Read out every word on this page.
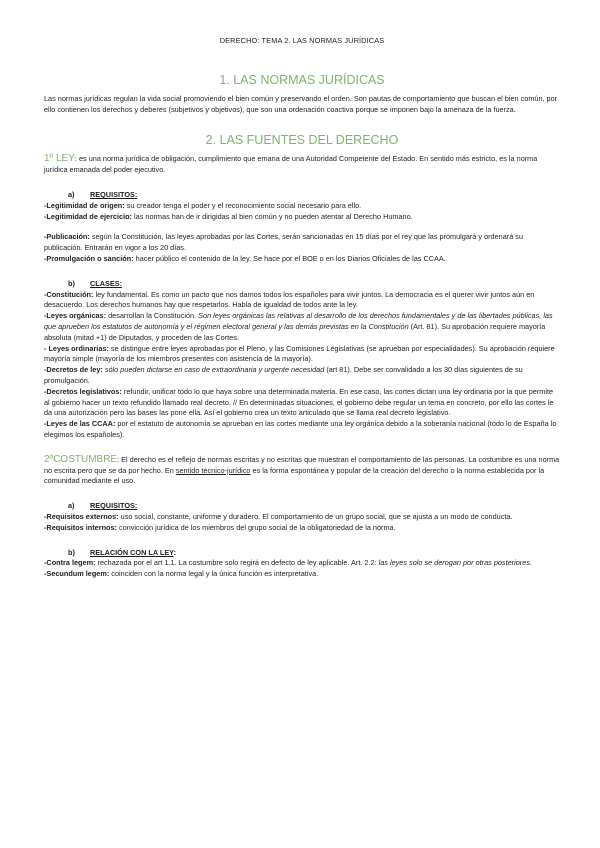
DERECHO: TEMA 2. LAS NORMAS JURÍDICAS
1. LAS NORMAS JURÍDICAS

Las normas jurídicas regulan la vida social promoviendo el bien común y preservando el orden. Son pautas de comportamiento que buscan el bien común, por ello contienen los derechos y deberes (subjetivos y objetivos), que son una ordenación coactiva porque se imponen bajo la amenaza de la fuerza.

2. LAS FUENTES DEL DERECHO

1º LEY: es una norma jurídica de obligación, cumplimiento que emana de una Autoridad Competente del Estado. En sentido más estricto, es la norma jurídica emanada del poder ejecutivo.

a) REQUISITOS:

-Legitimidad de origen: su creador tenga el poder y el reconocimiento social necesario para ello.

-Legitimidad de ejercicio: las normas han de ir dirigidas al bien común y no pueden atentar al Derecho Humano.

-Publicación: según la Constitución, las leyes aprobadas por las Cortes, serán sancionadas en 15 días por el rey que las promulgará y ordenará su publicación. Entrarán en vigor a los 20 días.

-Promulgación o sanción: hacer público el contenido de la ley. Se hace por el BOE o en los Diarios Oficiales de las CCAA.

b) CLASES:

-Constitución: ley fundamental. Es como un pacto que nos damos todos los españoles para vivir juntos. La democracia es el querer vivir juntos aún en desacuerdo. Los derechos humanos hay que respetarlos. Habla de igualdad de todos ante la ley.

-Leyes orgánicas: desarrollan la Constitución. Son leyes orgánicas las relativas al desarrollo de los derechos fundamentales y de las libertades públicas, las que aprueben los estatutos de autonomía y el régimen electoral general y las demás previstas en la Constitución (Art. 81). Su aprobación requiere mayoría absoluta (mitad +1) de Diputados, y proceden de las Cortes.

- Leyes ordinarias: se distingue entre leyes aprobadas por el Pleno, y las Comisiones Legislativas (se aprueban por especialidades). Su aprobación requiere mayoría simple (mayoría de los miembros presentes con asistencia de la mayoría).

-Decretos de ley: sólo pueden dictarse en caso de extraordinaria y urgente necesidad (art 81). Debe ser convalidado a los 30 días siguientes de su promulgación.

-Decretos legislativos: refundir, unificar todo lo que haya sobre una determinada materia. En ese caso, las cortes dictan una ley ordinaria por la que permite al gobierno hacer un texto refundido llamado real decreto. // En determinadas situaciones, el gobierno debe regular un tema en concreto, por ello las cortes le da una autorización pero las bases las pone ella. Así el gobierno crea un texto articulado que se llama real decreto legislativo.

-Leyes de las CCAA: por el estatuto de autonomía se aprueban en las cortes mediante una ley orgánica debido a la soberanía nacional (todo lo de España lo elegimos los españoles).

2ºCOSTUMBRE: El derecho es el reflejo de normas escritas y no escritas que muestran el comportamiento de las personas. La costumbre es una norma no escrita pero que se da por hecho. En sentido técnico-jurídico es la forma espontánea y popular de la creación del derecho o la norma establecida por la comunidad mediante el uso.

a) REQUISITOS:

-Requisitos externos: uso social, constante, uniforme y duradero. El comportamiento de un grupo social, que se ajusta a un modo de conducta.

-Requisitos internos: convicción jurídica de los miembros del grupo social de la obligatoriedad de la norma.

b) RELACIÓN CON LA LEY:

-Contra legem: rechazada por el art 1.1. La costumbre solo regirá en defecto de ley aplicable. Art. 2.2: las leyes solo se derogan por otras posteriores.

-Secundum legem: coinciden con la norma legal y la única función es interpretativa.
